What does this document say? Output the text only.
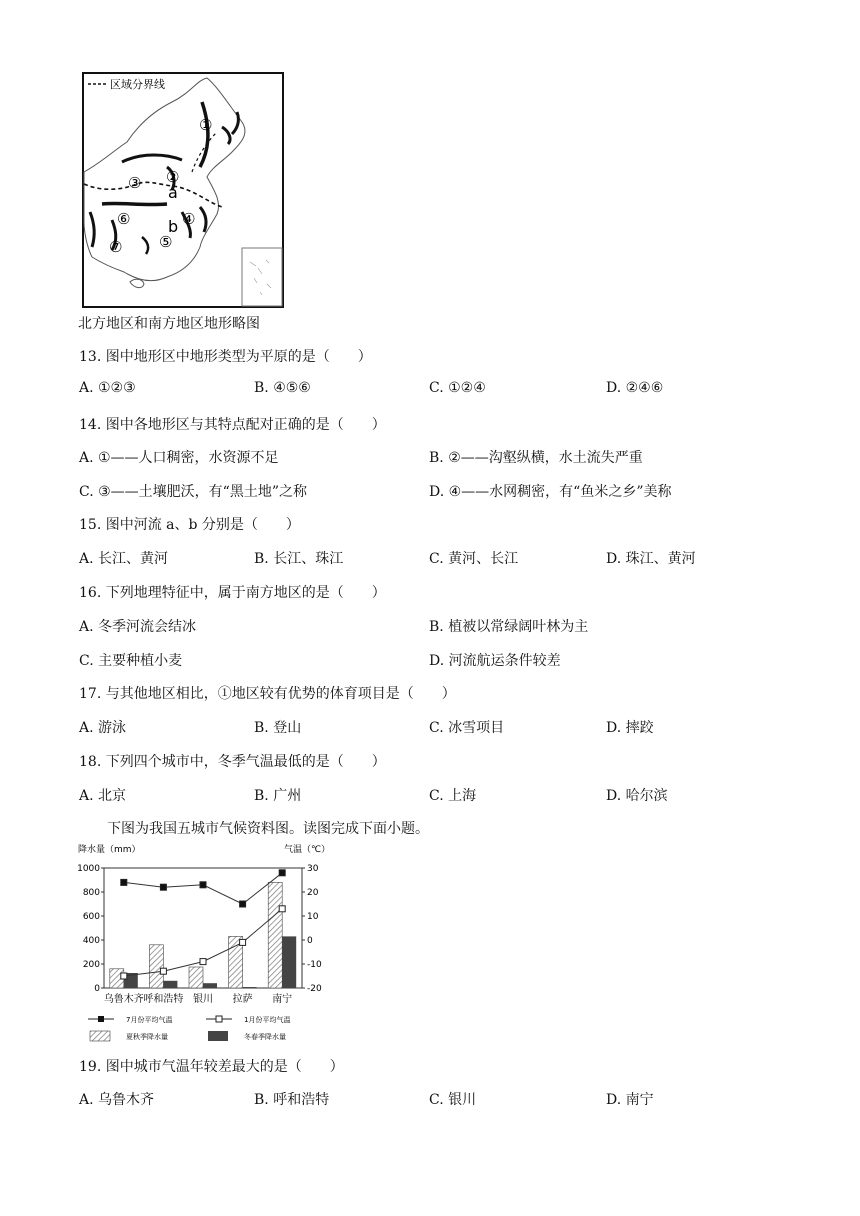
区域分界线
①
②
③
④
⑤
⑥
⑦
a
b
北方地区和南方地区地形略图
13. 图中地形区中地形类型为平原的是（　　）
A. ①②③	B. ④⑤⑥	C. ①②④	D. ②④⑥
14. 图中各地形区与其特点配对正确的是（　　）
A. ①——人口稠密，水资源不足	B. ②——沟壑纵横，水土流失严重
C. ③——土壤肥沃，有“黑土地”之称	D. ④——水网稠密，有“鱼米之乡”美称
15. 图中河流 a、b 分别是（　　）
A. 长江、黄河	B. 长江、珠江	C. 黄河、长江	D. 珠江、黄河
16. 下列地理特征中，属于南方地区的是（　　）
A. 冬季河流会结冰	B. 植被以常绿阔叶林为主
C. 主要种植小麦	D. 河流航运条件较差
17. 与其他地区相比，①地区较有优势的体育项目是（　　）
A. 游泳	B. 登山	C. 冰雪项目	D. 摔跤
18. 下列四个城市中，冬季气温最低的是（　　）
A. 北京	B. 广州	C. 上海	D. 哈尔滨
下图为我国五城市气候资料图。读图完成下面小题。
降水量（mm）	气温（℃）
0
200
400
600
800
1000
-20
-10
0
10
20
30
乌鲁木齐 呼和浩特 银川 拉萨 南宁
7月份平均气温	1月份平均气温
夏秋季降水量	冬春季降水量
19. 图中城市气温年较差最大的是（　　）
A. 乌鲁木齐	B. 呼和浩特	C. 银川	D. 南宁
